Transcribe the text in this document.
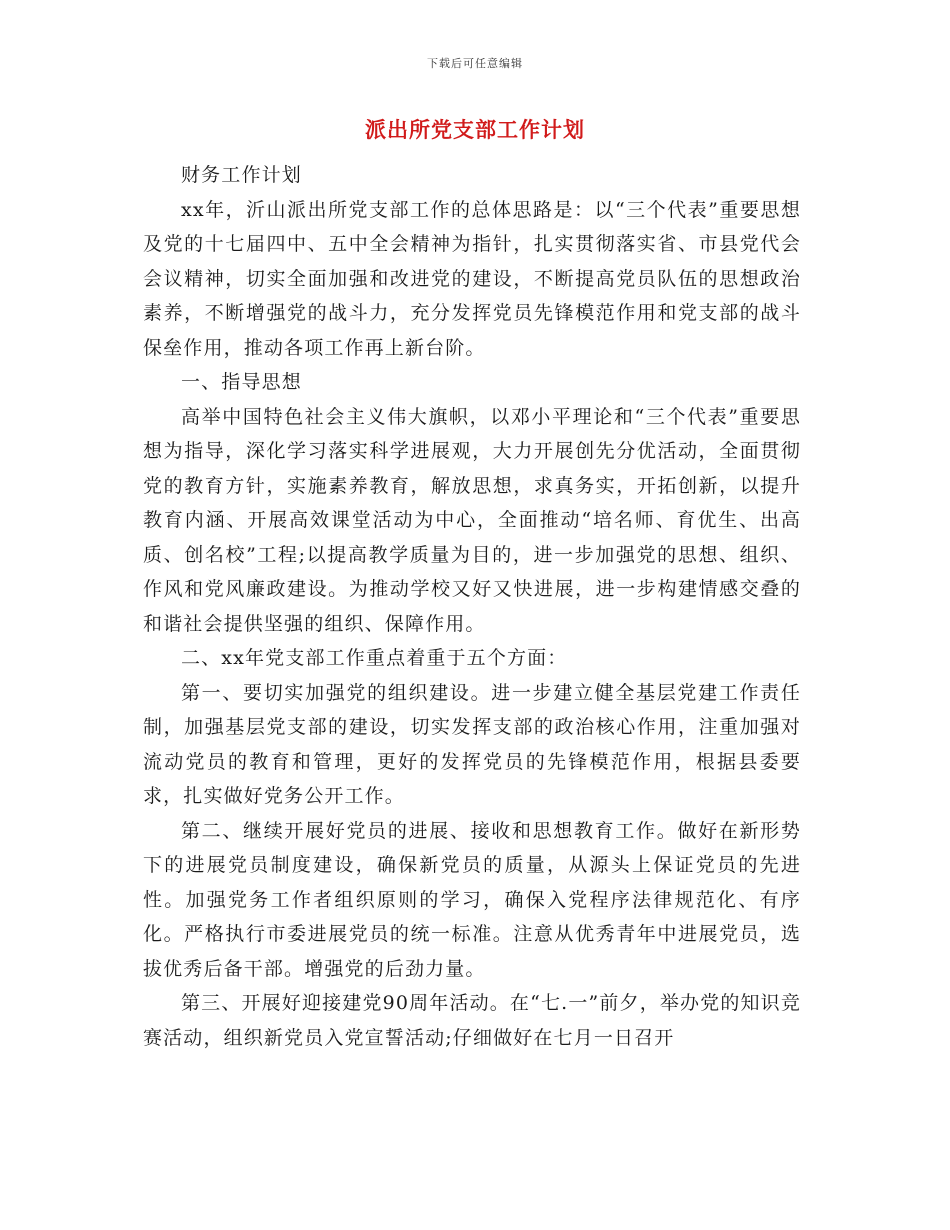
下载后可任意编辑
派出所党支部工作计划

财务工作计划

xx年，沂山派出所党支部工作的总体思路是：以“三个代表”重要思想及党的十七届四中、五中全会精神为指针，扎实贯彻落实省、市县党代会会议精神，切实全面加强和改进党的建设，不断提高党员队伍的思想政治素养，不断增强党的战斗力，充分发挥党员先锋模范作用和党支部的战斗保垒作用，推动各项工作再上新台阶。

一、指导思想

高举中国特色社会主义伟大旗帜，以邓小平理论和“三个代表”重要思想为指导，深化学习落实科学进展观，大力开展创先分优活动，全面贯彻党的教育方针，实施素养教育，解放思想，求真务实，开拓创新，以提升教育内涵、开展高效课堂活动为中心，全面推动“培名师、育优生、出高质、创名校”工程;以提高教学质量为目的，进一步加强党的思想、组织、作风和党风廉政建设。为推动学校又好又快进展，进一步构建情感交叠的和谐社会提供坚强的组织、保障作用。

二、xx年党支部工作重点着重于五个方面：

第一、要切实加强党的组织建设。进一步建立健全基层党建工作责任制，加强基层党支部的建设，切实发挥支部的政治核心作用，注重加强对流动党员的教育和管理，更好的发挥党员的先锋模范作用，根据县委要求，扎实做好党务公开工作。

第二、继续开展好党员的进展、接收和思想教育工作。做好在新形势下的进展党员制度建设，确保新党员的质量，从源头上保证党员的先进性。加强党务工作者组织原则的学习，确保入党程序法律规范化、有序化。严格执行市委进展党员的统一标准。注意从优秀青年中进展党员，选拔优秀后备干部。增强党的后劲力量。

第三、开展好迎接建党90周年活动。在“七.一”前夕，举办党的知识竞赛活动，组织新党员入党宣誓活动;仔细做好在七月一日召开
